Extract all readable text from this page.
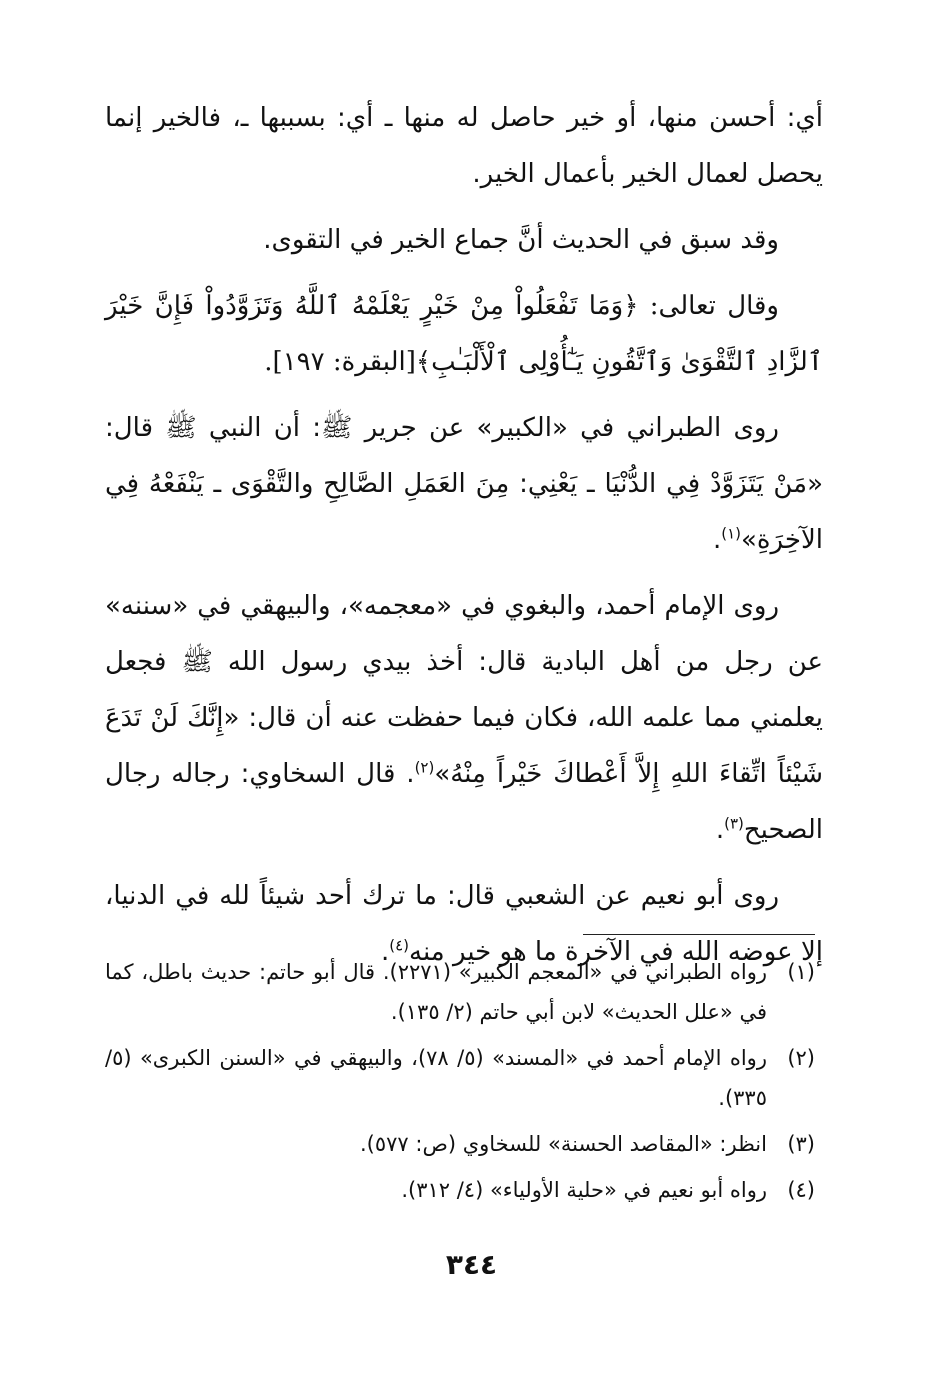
أي: أحسن منها، أو خير حاصل له منها ـ أي: بسببها ـ، فالخير إنما يحصل لعمال الخير بأعمال الخير.

وقد سبق في الحديث أنَّ جماع الخير في التقوى.

وقال تعالى: ﴿وَمَا تَفْعَلُواْ مِنْ خَيْرٍ يَعْلَمْهُ ٱللَّهُ وَتَزَوَّدُواْ فَإِنَّ خَيْرَ ٱلزَّادِ ٱلتَّقْوَىٰ وَٱتَّقُونِ يَـٰٓأُوْلِى ٱلْأَلْبَـٰبِ﴾[البقرة: ١٩٧].

روى الطبراني في «الكبير» عن جرير ﷺ: أن النبي ﷺ قال: «مَنْ يَتَزَوَّدْ فِي الدُّنْيَا ـ يَعْنِي: مِنَ العَمَلِ الصَّالِحِ والتَّقْوَى ـ يَنْفَعْهُ فِي الآخِرَةِ»$^{(١)}$.

روى الإمام أحمد، والبغوي في «معجمه»، والبيهقي في «سننه» عن رجل من أهل البادية قال: أخذ بيدي رسول الله ﷺ فجعل يعلمني مما علمه الله، فكان فيما حفظت عنه أن قال: «إِنَّكَ لَنْ تَدَعَ شَيْئاً اتِّقاءَ اللهِ إِلاَّ أَعْطاكَ خَيْراً مِنْهُ»$^{(٢)}$. قال السخاوي: رجاله رجال الصحيح$^{(٣)}$.

روى أبو نعيم عن الشعبي قال: ما ترك أحد شيئاً لله في الدنيا، إلا عوضه الله في الآخرة ما هو خير منه$^{(٤)}$.

(١)
رواه الطبراني في «المعجم الكبير» (٢٢٧١). قال أبو حاتم: حديث باطل، كما في «علل الحديث» لابن أبي حاتم (٢/ ١٣٥).
(٢)
رواه الإمام أحمد في «المسند» (٥/ ٧٨)، والبيهقي في «السنن الكبرى» (٥/ ٣٣٥).
(٣)
انظر: «المقاصد الحسنة» للسخاوي (ص: ٥٧٧).
(٤)
رواه أبو نعيم في «حلية الأولياء» (٤/ ٣١٢).
٣٤٤
